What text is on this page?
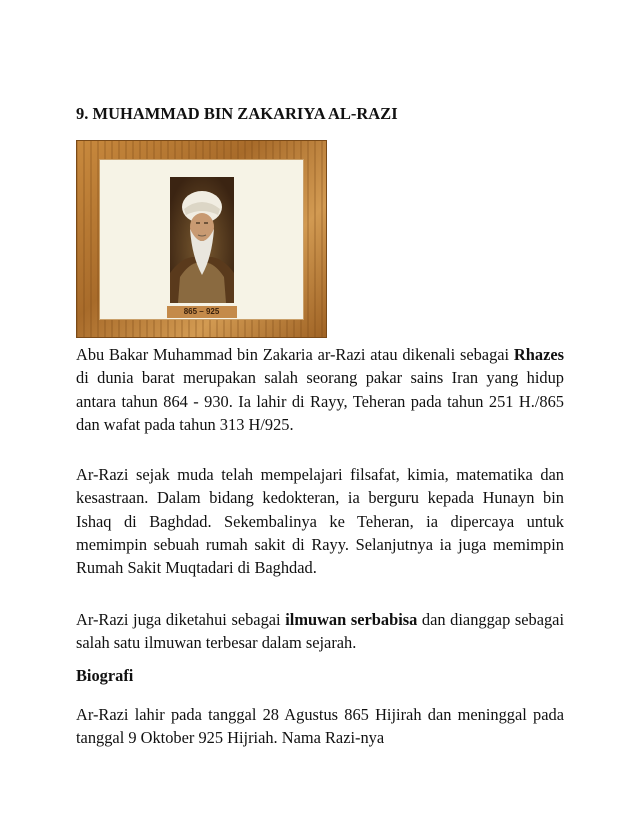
9. MUHAMMAD BIN ZAKARIYA AL-RAZI
865 – 925

Abu Bakar Muhammad bin Zakaria ar-Razi atau dikenali sebagai Rhazes di dunia barat merupakan salah seorang pakar sains Iran yang hidup antara tahun 864 - 930. Ia lahir di Rayy, Teheran pada tahun 251 H./865 dan wafat pada tahun 313 H/925.

Ar-Razi sejak muda telah mempelajari filsafat, kimia, matematika dan kesastraan. Dalam bidang kedokteran, ia berguru kepada Hunayn bin Ishaq di Baghdad. Sekembalinya ke Teheran, ia dipercaya untuk memimpin sebuah rumah sakit di Rayy. Selanjutnya ia juga memimpin Rumah Sakit Muqtadari di Baghdad.

Ar-Razi juga diketahui sebagai ilmuwan serbabisa dan dianggap sebagai salah satu ilmuwan terbesar dalam sejarah.

Biografi

Ar-Razi lahir pada tanggal 28 Agustus 865 Hijirah dan meninggal pada tanggal 9 Oktober 925 Hijriah. Nama Razi-nya
